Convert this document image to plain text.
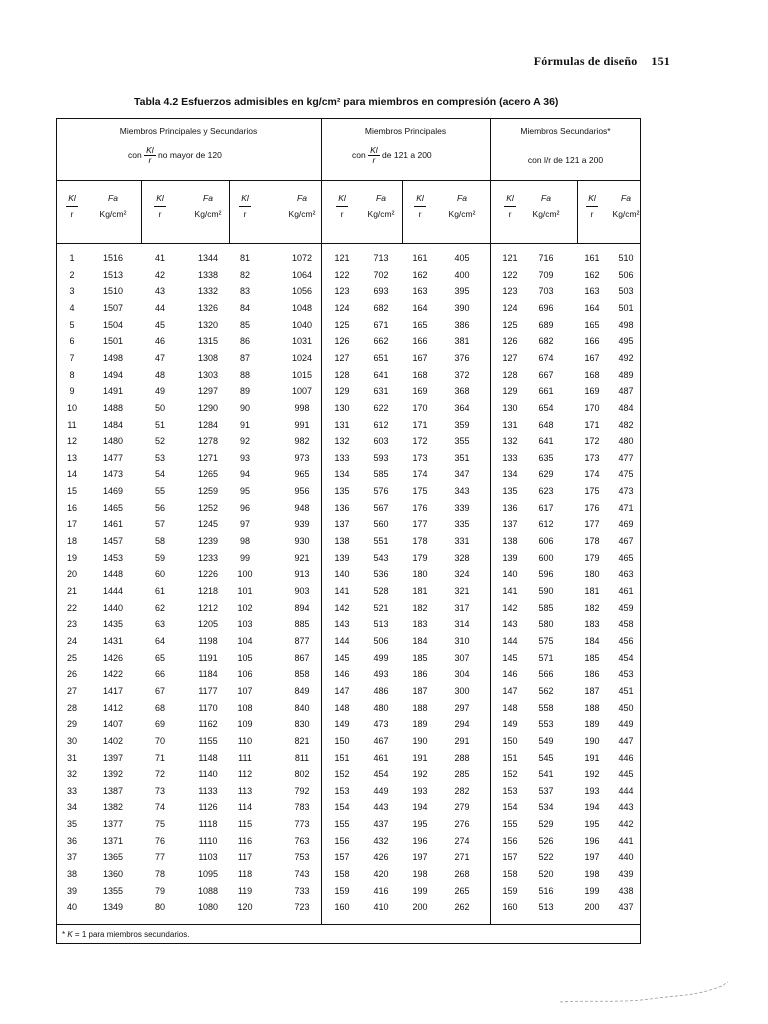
Fórmulas de diseño 151
Tabla 4.2 Esfuerzos admisibles en kg/cm² para miembros en compresión (acero A 36)
Miembros Principales y Secundarios
con $\frac{Kl}{r}$ no mayor de 120
Miembros Principales
con $\frac{Kl}{r}$ de 121 a 200
Miembros Secundarios*
con l/r de 121 a 200
Kl
r
Fa
Kg/cm²
Kl
r
Fa
Kg/cm²
Kl
r
Fa
Kg/cm²
Kl
r
Fa
Kg/cm²
Kl
r
Fa
Kg/cm²
Kl
r
Fa
Kg/cm²
Kl
r
Fa
Kg/cm²
1	1516	41	1344	81	1072	121	713	161	405	121	716	161	510
2	1513	42	1338	82	1064	122	702	162	400	122	709	162	506
3	1510	43	1332	83	1056	123	693	163	395	123	703	163	503
4	1507	44	1326	84	1048	124	682	164	390	124	696	164	501
5	1504	45	1320	85	1040	125	671	165	386	125	689	165	498
6	1501	46	1315	86	1031	126	662	166	381	126	682	166	495
7	1498	47	1308	87	1024	127	651	167	376	127	674	167	492
8	1494	48	1303	88	1015	128	641	168	372	128	667	168	489
9	1491	49	1297	89	1007	129	631	169	368	129	661	169	487
10	1488	50	1290	90	998	130	622	170	364	130	654	170	484
11	1484	51	1284	91	991	131	612	171	359	131	648	171	482
12	1480	52	1278	92	982	132	603	172	355	132	641	172	480
13	1477	53	1271	93	973	133	593	173	351	133	635	173	477
14	1473	54	1265	94	965	134	585	174	347	134	629	174	475
15	1469	55	1259	95	956	135	576	175	343	135	623	175	473
16	1465	56	1252	96	948	136	567	176	339	136	617	176	471
17	1461	57	1245	97	939	137	560	177	335	137	612	177	469
18	1457	58	1239	98	930	138	551	178	331	138	606	178	467
19	1453	59	1233	99	921	139	543	179	328	139	600	179	465
20	1448	60	1226	100	913	140	536	180	324	140	596	180	463
21	1444	61	1218	101	903	141	528	181	321	141	590	181	461
22	1440	62	1212	102	894	142	521	182	317	142	585	182	459
23	1435	63	1205	103	885	143	513	183	314	143	580	183	458
24	1431	64	1198	104	877	144	506	184	310	144	575	184	456
25	1426	65	1191	105	867	145	499	185	307	145	571	185	454
26	1422	66	1184	106	858	146	493	186	304	146	566	186	453
27	1417	67	1177	107	849	147	486	187	300	147	562	187	451
28	1412	68	1170	108	840	148	480	188	297	148	558	188	450
29	1407	69	1162	109	830	149	473	189	294	149	553	189	449
30	1402	70	1155	110	821	150	467	190	291	150	549	190	447
31	1397	71	1148	111	811	151	461	191	288	151	545	191	446
32	1392	72	1140	112	802	152	454	192	285	152	541	192	445
33	1387	73	1133	113	792	153	449	193	282	153	537	193	444
34	1382	74	1126	114	783	154	443	194	279	154	534	194	443
35	1377	75	1118	115	773	155	437	195	276	155	529	195	442
36	1371	76	1110	116	763	156	432	196	274	156	526	196	441
37	1365	77	1103	117	753	157	426	197	271	157	522	197	440
38	1360	78	1095	118	743	158	420	198	268	158	520	198	439
39	1355	79	1088	119	733	159	416	199	265	159	516	199	438
40	1349	80	1080	120	723	160	410	200	262	160	513	200	437
* K = 1 para miembros secundarios.
